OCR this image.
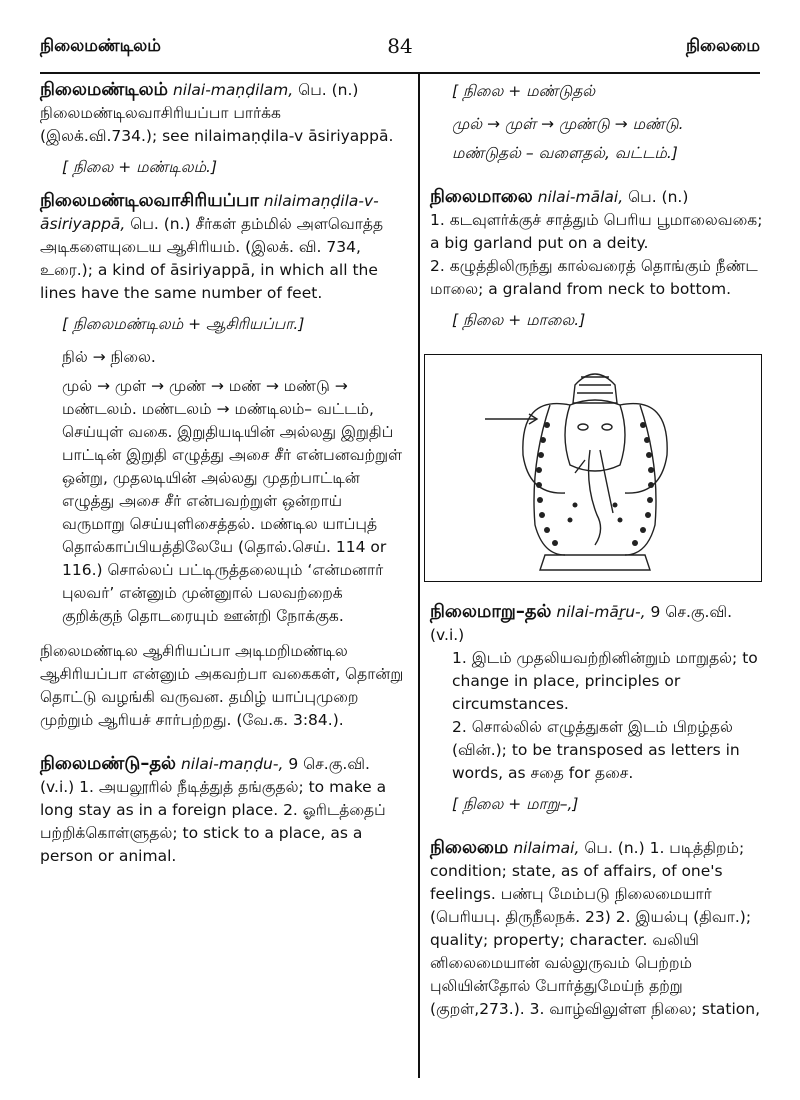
நிலைமண்டிலம்	84	நிலைமை
நிலைமண்டிலம் nilai-maṇḍilam, பெ. (n.)
நிலைமண்டிலவாசிரியப்பா பார்க்க
(இலக்.வி.734.); see nilaimaṇḍila-v āsiriyappā.
[ நிலை + மண்டிலம்.]
நிலைமண்டிலவாசிரியப்பா nilaimaṇḍila-v-āsiriyappā, பெ. (n.) சீர்கள் தம்மில் அளவொத்த அடிகளையுடைய ஆசிரியம். (இலக். வி. 734, உரை.); a kind of āsiriyappā, in which all the lines have the same number of feet.
[ நிலைமண்டிலம் + ஆசிரியப்பா.]
நில் → நிலை.
முல் → முள் → முண் → மண் → மண்டு → மண்டலம். மண்டலம் → மண்டிலம்– வட்டம், செய்யுள் வகை. இறுதியடியின் அல்லது இறுதிப் பாட்டின் இறுதி எழுத்து அசை சீர் என்பனவற்றுள் ஒன்று, முதலடியின் அல்லது முதற்பாட்டின் எழுத்து அசை சீர் என்பவற்றுள் ஒன்றாய் வருமாறு செய்யுளிசைத்தல். மண்டில யாப்புத் தொல்காப்பியத்திலேயே (தொல்.செய். 114 or 116.) சொல்லப் பட்டிருத்தலையும் ‘என்மனார் புலவர்’ என்னும் முன்னுால் பலவற்றைக் குறிக்குந் தொடரையும் ஊன்றி நோக்குக.
நிலைமண்டில ஆசிரியப்பா அடிமறிமண்டில ஆசிரியப்பா என்னும் அகவற்பா வகைகள், தொன்று தொட்டு வழங்கி வருவன. தமிழ் யாப்புமுறை முற்றும் ஆரியச் சார்பற்றது. (வே.க. 3:84.).
நிலைமண்டு–தல் nilai-maṇḍu-, 9 செ.கு.வி. (v.i.) 1. அயலூரில் நீடித்துத் தங்குதல்; to make a long stay as in a foreign place. 2. ஓரிடத்தைப் பற்றிக்கொள்ளுதல்; to stick to a place, as a person or animal.
[ நிலை + மண்டுதல்
முல் → முள் → முண்டு → மண்டு.
மண்டுதல் – வளைதல், வட்டம்.]
நிலைமாலை nilai-mālai, பெ. (n.)
1. கடவுளர்க்குச் சாத்தும் பெரிய பூமாலைவகை; a big garland put on a deity.
2. கழுத்திலிருந்து கால்வரைத் தொங்கும் நீண்ட மாலை; a graland from neck to bottom.
[ நிலை + மாலை.]
நிலைமாறு–தல் nilai-māṟu-, 9 செ.கு.வி. (v.i.)
1. இடம் முதலியவற்றினின்றும் மாறுதல்; to change in place, principles or circumstances.
2. சொல்லில் எழுத்துகள் இடம் பிறழ்தல் (வின்.); to be transposed as letters in words, as சதை for தசை.
[ நிலை + மாறு–,]
நிலைமை nilaimai, பெ. (n.) 1. படித்திறம்; condition; state, as of affairs, of one's feelings. பண்பு மேம்படு நிலைமையார் (பெரியபு. திருநீலநக். 23) 2. இயல்பு (திவா.); quality; property; character. வலியி னிலைமையான் வல்லுருவம் பெற்றம் புலியின்தோல் போர்த்துமேய்ந் தற்று (குறள்,273.). 3. வாழ்விலுள்ள நிலை; station,
